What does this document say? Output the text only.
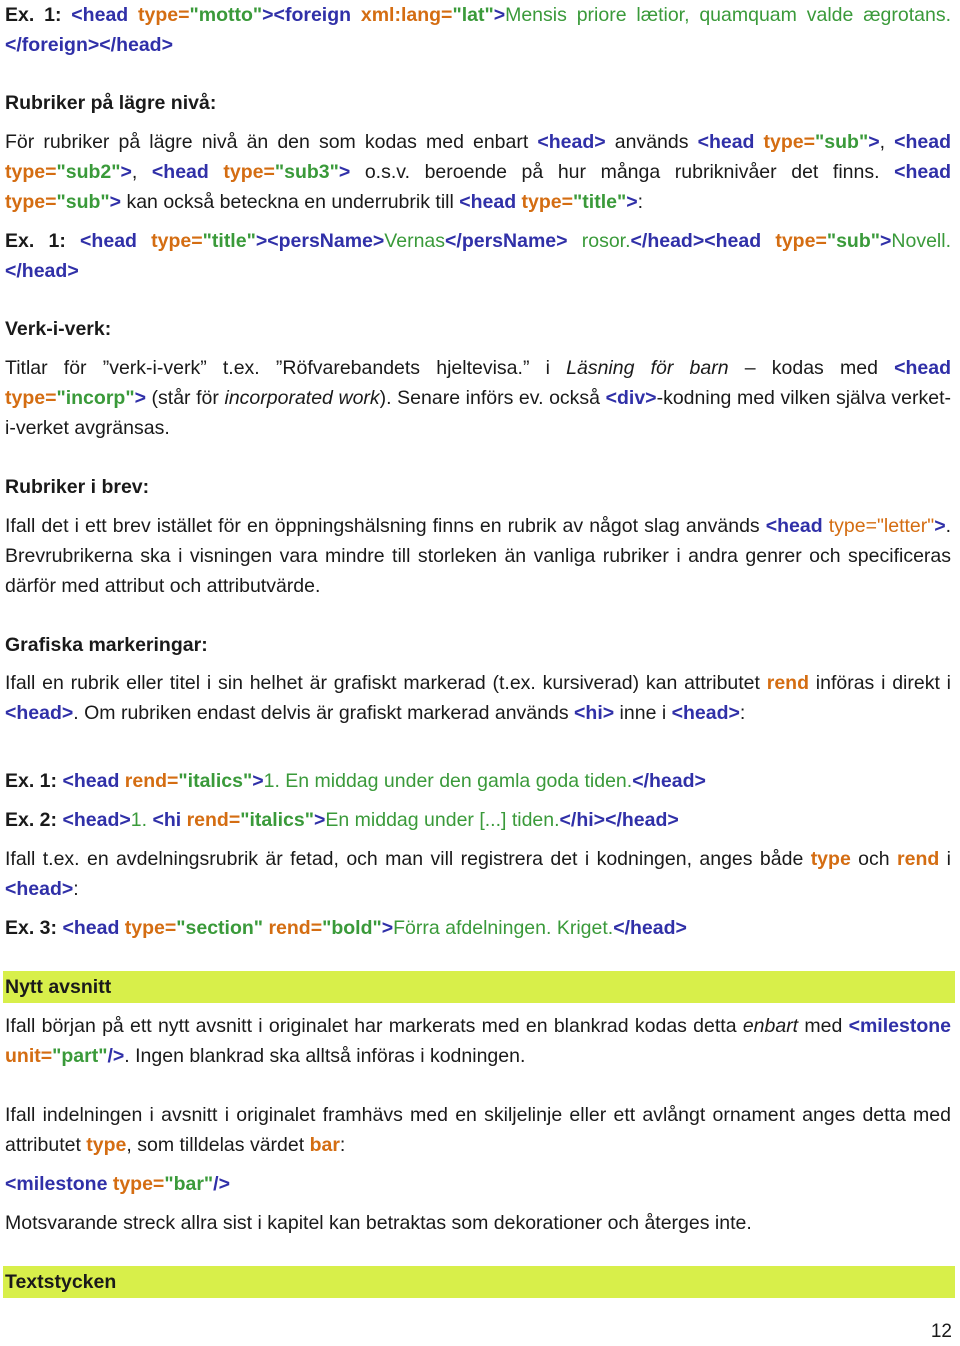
Ex. 1: <head type="motto"><foreign xml:lang="lat">Mensis priore lætior, quamquam valde ægrotans.</foreign></head>

Rubriker på lägre nivå:

För rubriker på lägre nivå än den som kodas med enbart <head> används <head type="sub">, <head type="sub2">, <head type="sub3"> o.s.v. beroende på hur många rubriknivåer det finns. <head type="sub"> kan också beteckna en underrubrik till <head type="title">:

Ex. 1: <head type="title"><persName>Vernas</persName> rosor.</head><head type="sub">Novell.</head>

Verk-i-verk:

Titlar för ”verk-i-verk” t.ex. ”Röfvarebandets hjeltevisa.” i Läsning för barn – kodas med <head type="incorp"> (står för incorporated work). Senare införs ev. också <div>-kodning med vilken själva verket-i-verket avgränsas.

Rubriker i brev:

Ifall det i ett brev istället för en öppningshälsning finns en rubrik av något slag används <head type="letter">. Brevrubrikerna ska i visningen vara mindre till storleken än vanliga rubriker i andra genrer och specificeras därför med attribut och attributvärde.

Grafiska markeringar:

Ifall en rubrik eller titel i sin helhet är grafiskt markerad (t.ex. kursiverad) kan attributet rend införas i direkt i <head>. Om rubriken endast delvis är grafiskt markerad används <hi> inne i <head>:

Ex. 1: <head rend="italics">1. En middag under den gamla goda tiden.</head>

Ex. 2: <head>1. <hi rend="italics">En middag under [...] tiden.</hi></head>

Ifall t.ex. en avdelningsrubrik är fetad, och man vill registrera det i kodningen, anges både type och rend i <head>:

Ex. 3: <head type="section" rend="bold">Förra afdelningen. Kriget.</head>

Nytt avsnitt

Ifall början på ett nytt avsnitt i originalet har markerats med en blankrad kodas detta enbart med <milestone unit="part"/>. Ingen blankrad ska alltså införas i kodningen.

Ifall indelningen i avsnitt i originalet framhävs med en skiljelinje eller ett avlångt ornament anges detta med attributet type, som tilldelas värdet bar:

<milestone type="bar"/>

Motsvarande streck allra sist i kapitel kan betraktas som dekorationer och återges inte.

Textstycken
12
